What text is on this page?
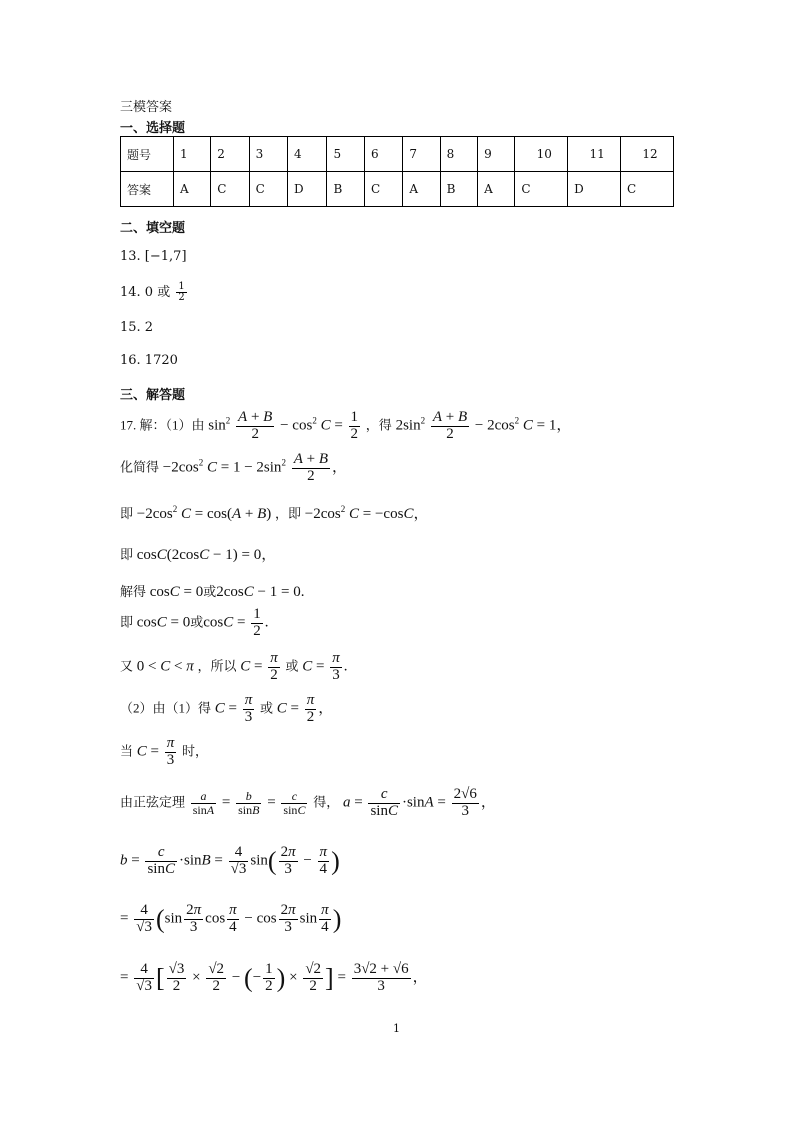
三模答案
一、选择题
题号	1	2	3	4	5	6	7	8	9	10	11	12
答案	A	C	C	D	B	C	A	B	A	C	D	C
二、填空题
13. [−1,7]
14. 0 或 $\frac{1}{2}$
15. 2
16. 1720
三、解答题
17. 解：（1）由 $\sin^2 \frac{A + B}{2} - \cos^2 C = \frac{1}{2}$ ，得 $2\sin^2 \frac{A + B}{2} - 2\cos^2$ C = 1，
化简得 $-2\cos^2$ $C = 1 - 2\sin^2 \frac{A + B}{2}$ ，
即 $-2\cos^2$ C = cos(A + B) ，即 $-2\cos^2$ C = −cosC，
即 cosC(2cosC − 1) = 0，
解得 cosC = 0或2cosC − 1 = 0.
即 cosC = 0或$\cos C = \frac{1}{2}$ .
又 0 < C < π ，所以 $C = \frac{\pi}{2}$ 或 $C = \frac{\pi}{3}$ .
（2）由（1）得 $C = \frac{\pi}{3}$ 或 $C = \frac{\pi}{2}$ ，
当 $C = \frac{\pi}{3}$ 时，
由正弦定理 $\frac{a}{\sin A} = \frac{b}{\sin B} = \frac{c}{\sin C}$ 得， $a = \frac{c}{\sin C} \cdot\sin A = \frac{2√6}{3}$ ，
$b = \frac{c}{\sin C} \cdot\sin B = \frac{4}{√3} \sin( \frac{2\pi}{3} - \frac{\pi}{4}$ )
= $\frac{4}{√3} (\sin \frac{2\pi}{3}$ $\cos \frac{\pi}{4} - \cos \frac{2\pi}{3}$ $\sin \frac{\pi}{4}$ )
= $\frac{4}{√3}$ [ $\frac{√3}{2} \times \frac{√2}{2}$ − (− $\frac{1}{2}$ ) × $\frac{√2}{2}$ ] = $\frac{3√2 + √6}{3}$ ，
1
